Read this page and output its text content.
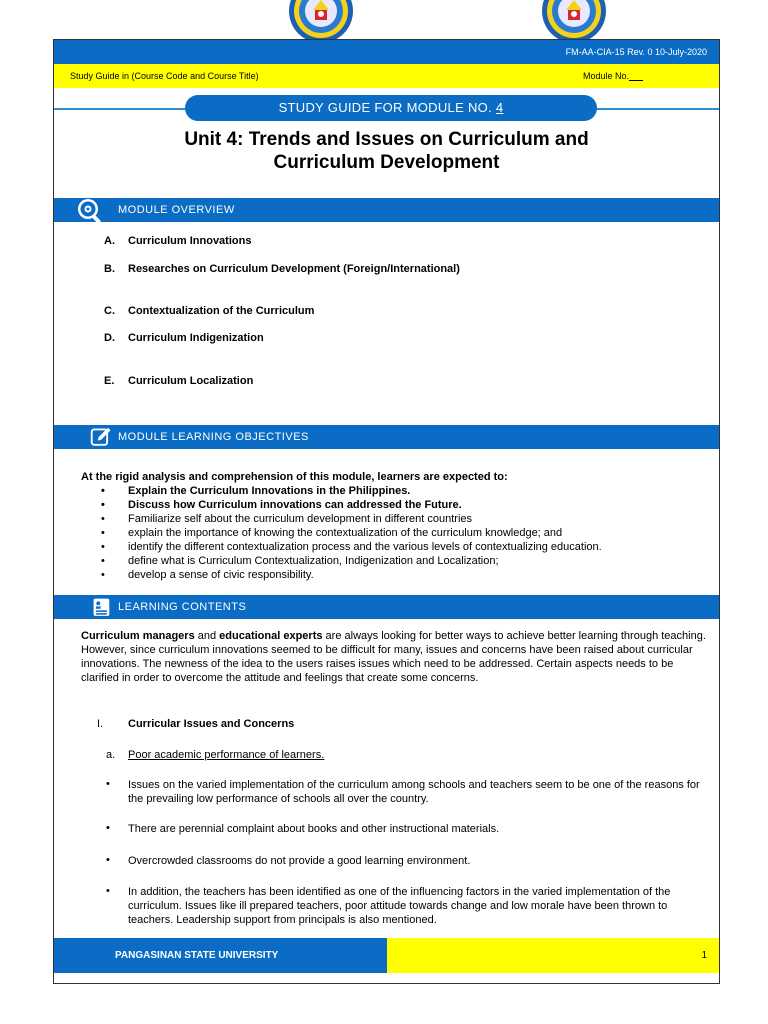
FM-AA-CIA-15 Rev. 0 10-July-2020
Study Guide in (Course Code and Course Title)	Module No.
STUDY GUIDE FOR MODULE NO. 4
Unit 4: Trends and Issues on Curriculum and
Curriculum Development
MODULE OVERVIEW
A. Curriculum Innovations
B. Researches on Curriculum Development (Foreign/International)
C. Contextualization of the Curriculum
D. Curriculum Indigenization
E. Curriculum Localization
MODULE LEARNING OBJECTIVES
At the rigid analysis and comprehension of this module, learners are expected to:
• Explain the Curriculum Innovations in the Philippines.
• Discuss how Curriculum innovations can addressed the Future.
• Familiarize self about the curriculum development in different countries
• explain the importance of knowing the contextualization of the curriculum knowledge; and
• identify the different contextualization process and the various levels of contextualizing education.
• define what is Curriculum Contextualization, Indigenization and Localization;
• develop a sense of civic responsibility.
LEARNING CONTENTS
Curriculum managers and educational experts are always looking for better ways to achieve better learning through teaching. However, since curriculum innovations seemed to be difficult for many, issues and concerns have been raised about curricular innovations. The newness of the idea to the users raises issues which need to be addressed. Certain aspects needs to be clarified in order to overcome the attitude and feelings that create some concerns.
I. Curricular Issues and Concerns
a. Poor academic performance of learners.
• Issues on the varied implementation of the curriculum among schools and teachers seem to be one of the reasons for the prevailing low performance of schools all over the country.
• There are perennial complaint about books and other instructional materials.
• Overcrowded classrooms do not provide a good learning environment.
• In addition, the teachers has been identified as one of the influencing factors in the varied implementation of the curriculum. Issues like ill prepared teachers, poor attitude towards change and low morale have been thrown to teachers. Leadership support from principals is also mentioned.
PANGASINAN STATE UNIVERSITY	1
